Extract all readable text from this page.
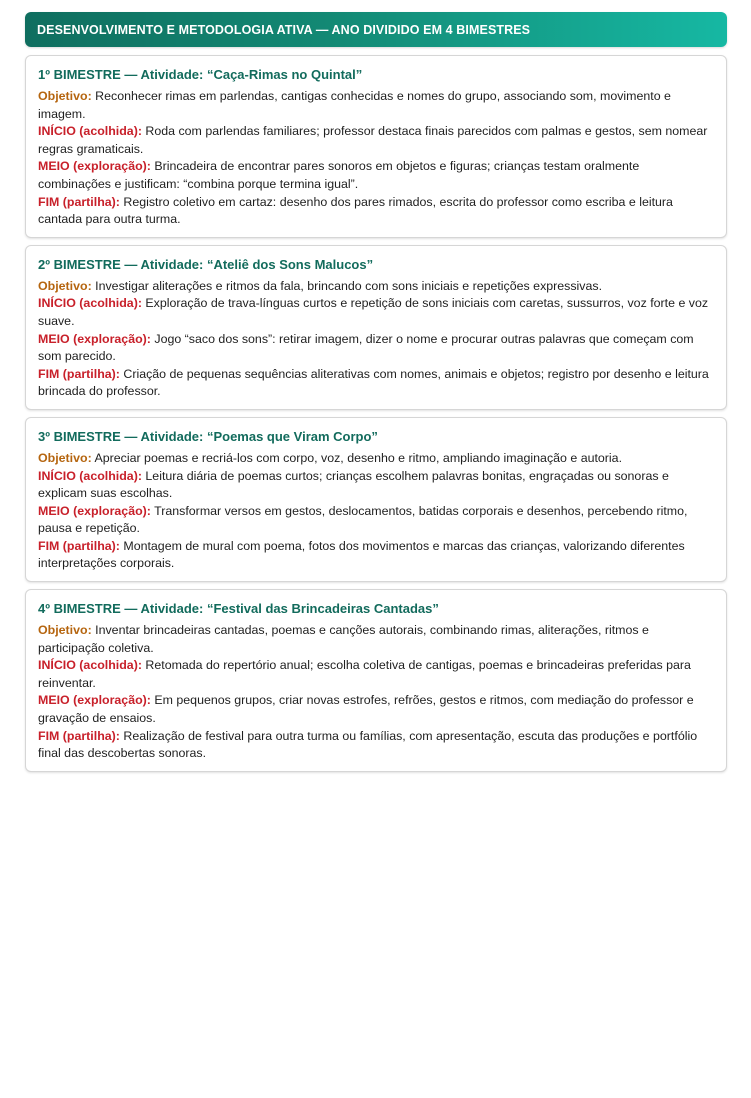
DESENVOLVIMENTO E METODOLOGIA ATIVA — ANO DIVIDIDO EM 4 BIMESTRES
1º BIMESTRE — Atividade: “Caça-Rimas no Quintal”

Objetivo: Reconhecer rimas em parlendas, cantigas conhecidas e nomes do grupo, associando som, movimento e imagem.

INÍCIO (acolhida): Roda com parlendas familiares; professor destaca finais parecidos com palmas e gestos, sem nomear regras gramaticais.

MEIO (exploração): Brincadeira de encontrar pares sonoros em objetos e figuras; crianças testam oralmente combinações e justificam: “combina porque termina igual”.

FIM (partilha): Registro coletivo em cartaz: desenho dos pares rimados, escrita do professor como escriba e leitura cantada para outra turma.

2º BIMESTRE — Atividade: “Ateliê dos Sons Malucos”

Objetivo: Investigar aliterações e ritmos da fala, brincando com sons iniciais e repetições expressivas.

INÍCIO (acolhida): Exploração de trava-línguas curtos e repetição de sons iniciais com caretas, sussurros, voz forte e voz suave.

MEIO (exploração): Jogo “saco dos sons”: retirar imagem, dizer o nome e procurar outras palavras que começam com som parecido.

FIM (partilha): Criação de pequenas sequências aliterativas com nomes, animais e objetos; registro por desenho e leitura brincada do professor.

3º BIMESTRE — Atividade: “Poemas que Viram Corpo”

Objetivo: Apreciar poemas e recriá-los com corpo, voz, desenho e ritmo, ampliando imaginação e autoria.

INÍCIO (acolhida): Leitura diária de poemas curtos; crianças escolhem palavras bonitas, engraçadas ou sonoras e explicam suas escolhas.

MEIO (exploração): Transformar versos em gestos, deslocamentos, batidas corporais e desenhos, percebendo ritmo, pausa e repetição.

FIM (partilha): Montagem de mural com poema, fotos dos movimentos e marcas das crianças, valorizando diferentes interpretações corporais.

4º BIMESTRE — Atividade: “Festival das Brincadeiras Cantadas”

Objetivo: Inventar brincadeiras cantadas, poemas e canções autorais, combinando rimas, aliterações, ritmos e participação coletiva.

INÍCIO (acolhida): Retomada do repertório anual; escolha coletiva de cantigas, poemas e brincadeiras preferidas para reinventar.

MEIO (exploração): Em pequenos grupos, criar novas estrofes, refrões, gestos e ritmos, com mediação do professor e gravação de ensaios.

FIM (partilha): Realização de festival para outra turma ou famílias, com apresentação, escuta das produções e portfólio final das descobertas sonoras.
